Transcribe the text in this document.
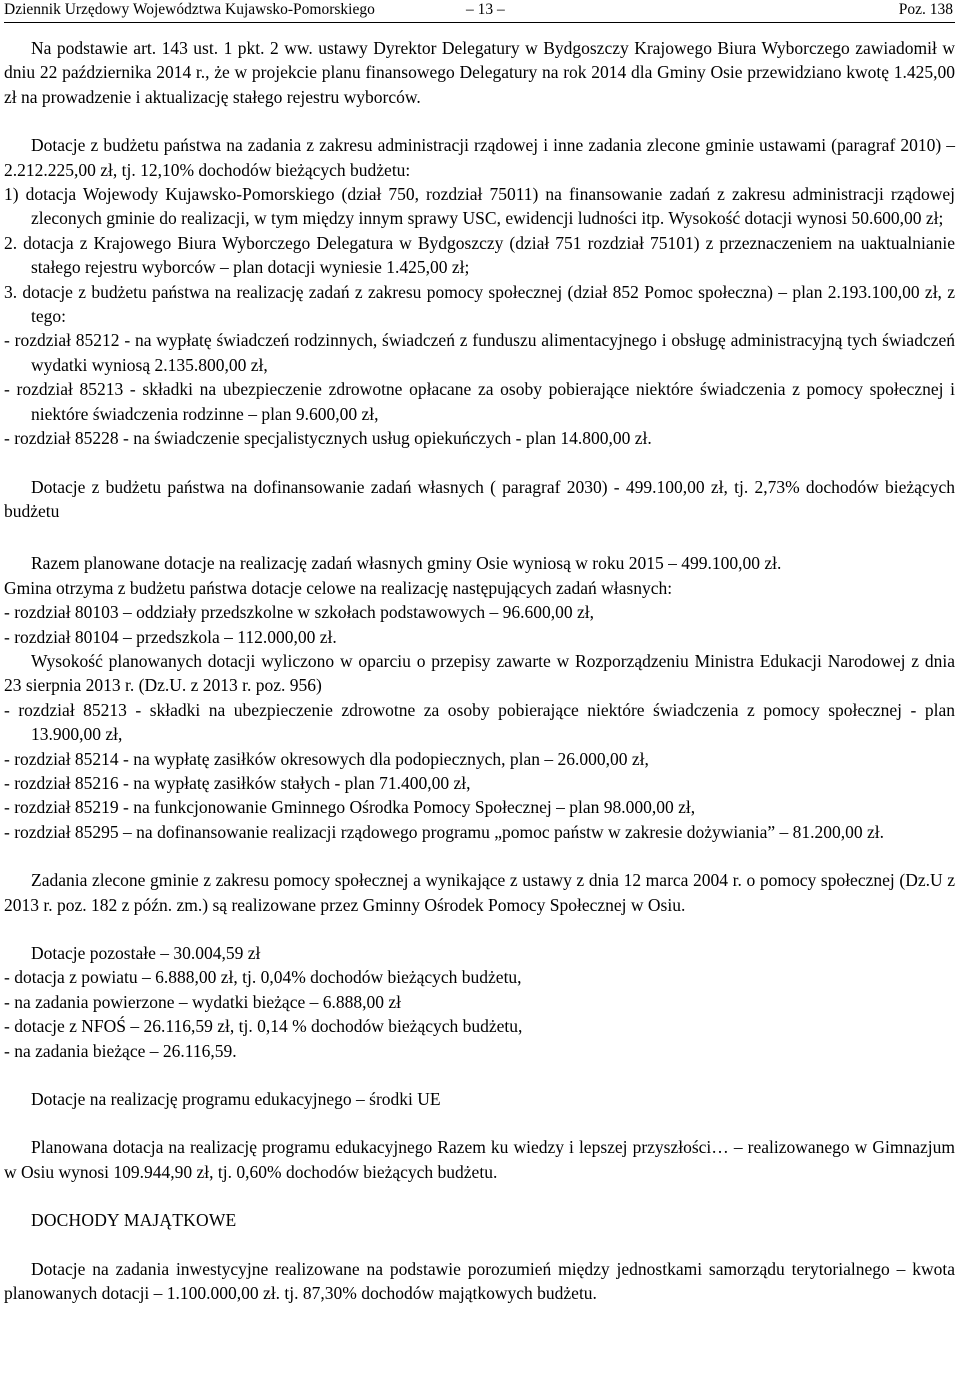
Dziennik Urzędowy Województwa Kujawsko-Pomorskiego	– 13 –	Poz. 138

Na podstawie art. 143 ust. 1 pkt. 2 ww. ustawy Dyrektor Delegatury w Bydgoszczy Krajowego Biura Wyborczego zawiadomił w dniu 22 października 2014 r., że w projekcie planu finansowego Delegatury na rok 2014 dla Gminy Osie przewidziano kwotę 1.425,00 zł na prowadzenie i aktualizację stałego rejestru wyborców.

Dotacje z budżetu państwa na zadania z zakresu administracji rządowej i inne zadania zlecone gminie ustawami (paragraf 2010) – 2.212.225,00 zł, tj. 12,10% dochodów bieżących budżetu:

1) dotacja Wojewody Kujawsko-Pomorskiego (dział 750, rozdział 75011) na finansowanie zadań z zakresu administracji rządowej zleconych gminie do realizacji, w tym między innym sprawy USC, ewidencji ludności itp. Wysokość dotacji wynosi 50.600,00 zł;

2. dotacja z Krajowego Biura Wyborczego Delegatura w Bydgoszczy (dział 751 rozdział 75101) z przeznaczeniem na uaktualnianie stałego rejestru wyborców – plan dotacji wyniesie 1.425,00 zł;

3. dotacje z budżetu państwa na realizację zadań z zakresu pomocy społecznej (dział 852 Pomoc społeczna) – plan 2.193.100,00 zł, z tego:

- rozdział 85212 - na wypłatę świadczeń rodzinnych, świadczeń z funduszu alimentacyjnego i obsługę administracyjną tych świadczeń wydatki wyniosą 2.135.800,00 zł,

- rozdział 85213 - składki na ubezpieczenie zdrowotne opłacane za osoby pobierające niektóre świadczenia z pomocy społecznej i niektóre świadczenia rodzinne – plan 9.600,00 zł,

- rozdział 85228 - na świadczenie specjalistycznych usług opiekuńczych - plan 14.800,00 zł.

Dotacje z budżetu państwa na dofinansowanie zadań własnych ( paragraf 2030) - 499.100,00 zł, tj. 2,73% dochodów bieżących budżetu

Razem planowane dotacje na realizację zadań własnych gminy Osie wyniosą w roku 2015 – 499.100,00 zł.

Gmina otrzyma z budżetu państwa dotacje celowe na realizację następujących zadań własnych:

- rozdział 80103 – oddziały przedszkolne w szkołach podstawowych – 96.600,00 zł,

- rozdział 80104 – przedszkola – 112.000,00 zł.

Wysokość planowanych dotacji wyliczono w oparciu o przepisy zawarte w Rozporządzeniu Ministra Edukacji Narodowej z dnia 23 sierpnia 2013 r. (Dz.U. z 2013 r. poz. 956)

- rozdział 85213 - składki na ubezpieczenie zdrowotne za osoby pobierające niektóre świadczenia z pomocy społecznej - plan 13.900,00 zł,

- rozdział 85214 - na wypłatę zasiłków okresowych dla podopiecznych, plan – 26.000,00 zł,

- rozdział 85216 - na wypłatę zasiłków stałych - plan 71.400,00 zł,

- rozdział 85219 - na funkcjonowanie Gminnego Ośrodka Pomocy Społecznej – plan 98.000,00 zł,

- rozdział 85295 – na dofinansowanie realizacji rządowego programu „pomoc państw w zakresie dożywiania” – 81.200,00 zł.

Zadania zlecone gminie z zakresu pomocy społecznej a wynikające z ustawy z dnia 12 marca 2004 r. o pomocy społecznej (Dz.U z 2013 r. poz. 182 z późn. zm.) są realizowane przez Gminny Ośrodek Pomocy Społecznej w Osiu.

Dotacje pozostałe – 30.004,59 zł

- dotacja z powiatu – 6.888,00 zł, tj. 0,04% dochodów bieżących budżetu,

- na zadania powierzone – wydatki bieżące – 6.888,00 zł

- dotacje z NFOŚ – 26.116,59 zł, tj. 0,14 % dochodów bieżących budżetu,

- na zadania bieżące – 26.116,59.

Dotacje na realizację programu edukacyjnego – środki UE

Planowana dotacja na realizację programu edukacyjnego Razem ku wiedzy i lepszej przyszłości… – realizowanego w Gimnazjum w Osiu wynosi 109.944,90 zł, tj. 0,60% dochodów bieżących budżetu.

DOCHODY MAJĄTKOWE

Dotacje na zadania inwestycyjne realizowane na podstawie porozumień między jednostkami samorządu terytorialnego – kwota planowanych dotacji – 1.100.000,00 zł. tj. 87,30% dochodów majątkowych budżetu.
